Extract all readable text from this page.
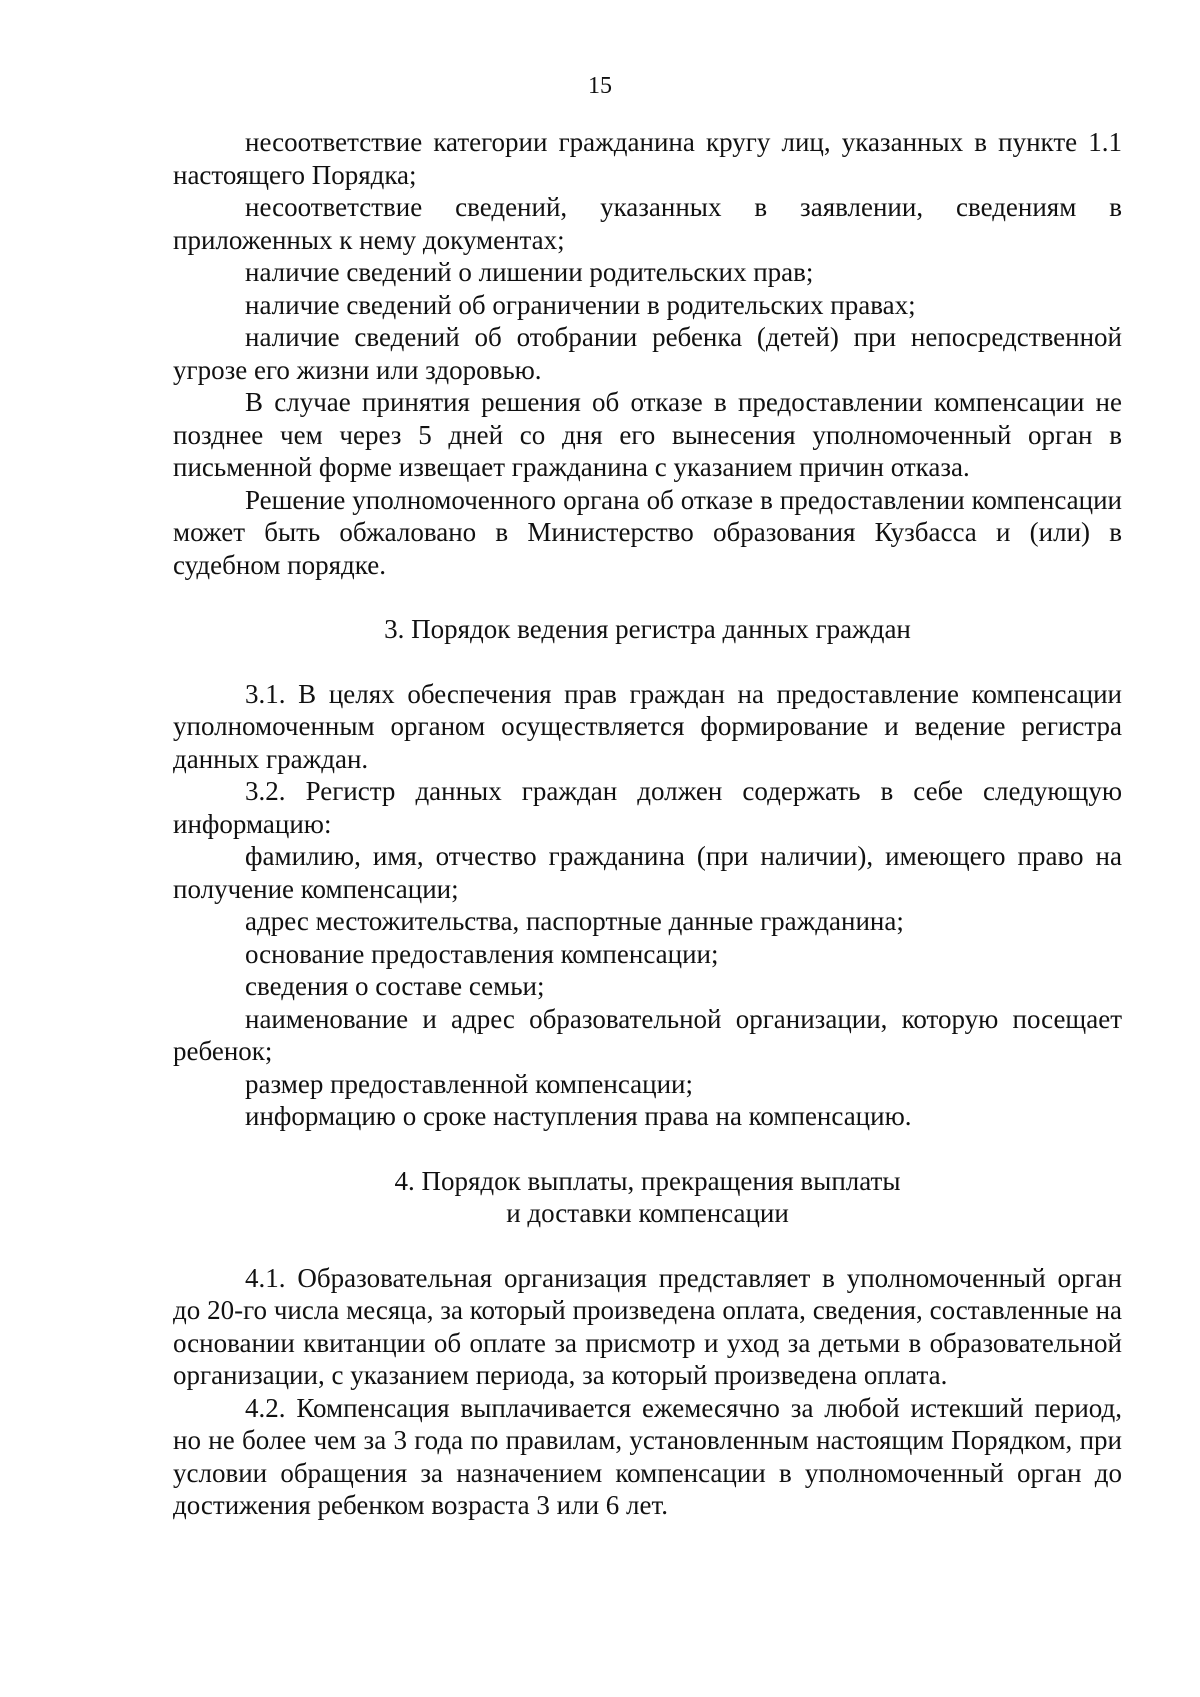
15

несоответствие категории гражданина кругу лиц, указанных в пункте 1.1 настоящего Порядка;

несоответствие сведений, указанных в заявлении, сведениям в приложенных к нему документах;

наличие сведений о лишении родительских прав;

наличие сведений об ограничении в родительских правах;

наличие сведений об отобрании ребенка (детей) при непосредственной угрозе его жизни или здоровью.

В случае принятия решения об отказе в предоставлении компенсации не позднее чем через 5 дней со дня его вынесения уполномоченный орган в письменной форме извещает гражданина с указанием причин отказа.

Решение уполномоченного органа об отказе в предоставлении компенсации может быть обжаловано в Министерство образования Кузбасса и (или) в судебном порядке.

3. Порядок ведения регистра данных граждан

3.1. В целях обеспечения прав граждан на предоставление компенсации уполномоченным органом осуществляется формирование и ведение регистра данных граждан.

3.2. Регистр данных граждан должен содержать в себе следующую информацию:

фамилию, имя, отчество гражданина (при наличии), имеющего право на получение компенсации;

адрес местожительства, паспортные данные гражданина;

основание предоставления компенсации;

сведения о составе семьи;

наименование и адрес образовательной организации, которую посещает ребенок;

размер предоставленной компенсации;

информацию о сроке наступления права на компенсацию.

4. Порядок выплаты, прекращения выплаты

и доставки компенсации

4.1. Образовательная организация представляет в уполномоченный орган до 20-го числа месяца, за который произведена оплата, сведения, составленные на основании квитанции об оплате за присмотр и уход за детьми в образовательной организации, с указанием периода, за который произведена оплата.

4.2. Компенсация выплачивается ежемесячно за любой истекший период, но не более чем за 3 года по правилам, установленным настоящим Порядком, при условии обращения за назначением компенсации в уполномоченный орган до достижения ребенком возраста 3 или 6 лет.
